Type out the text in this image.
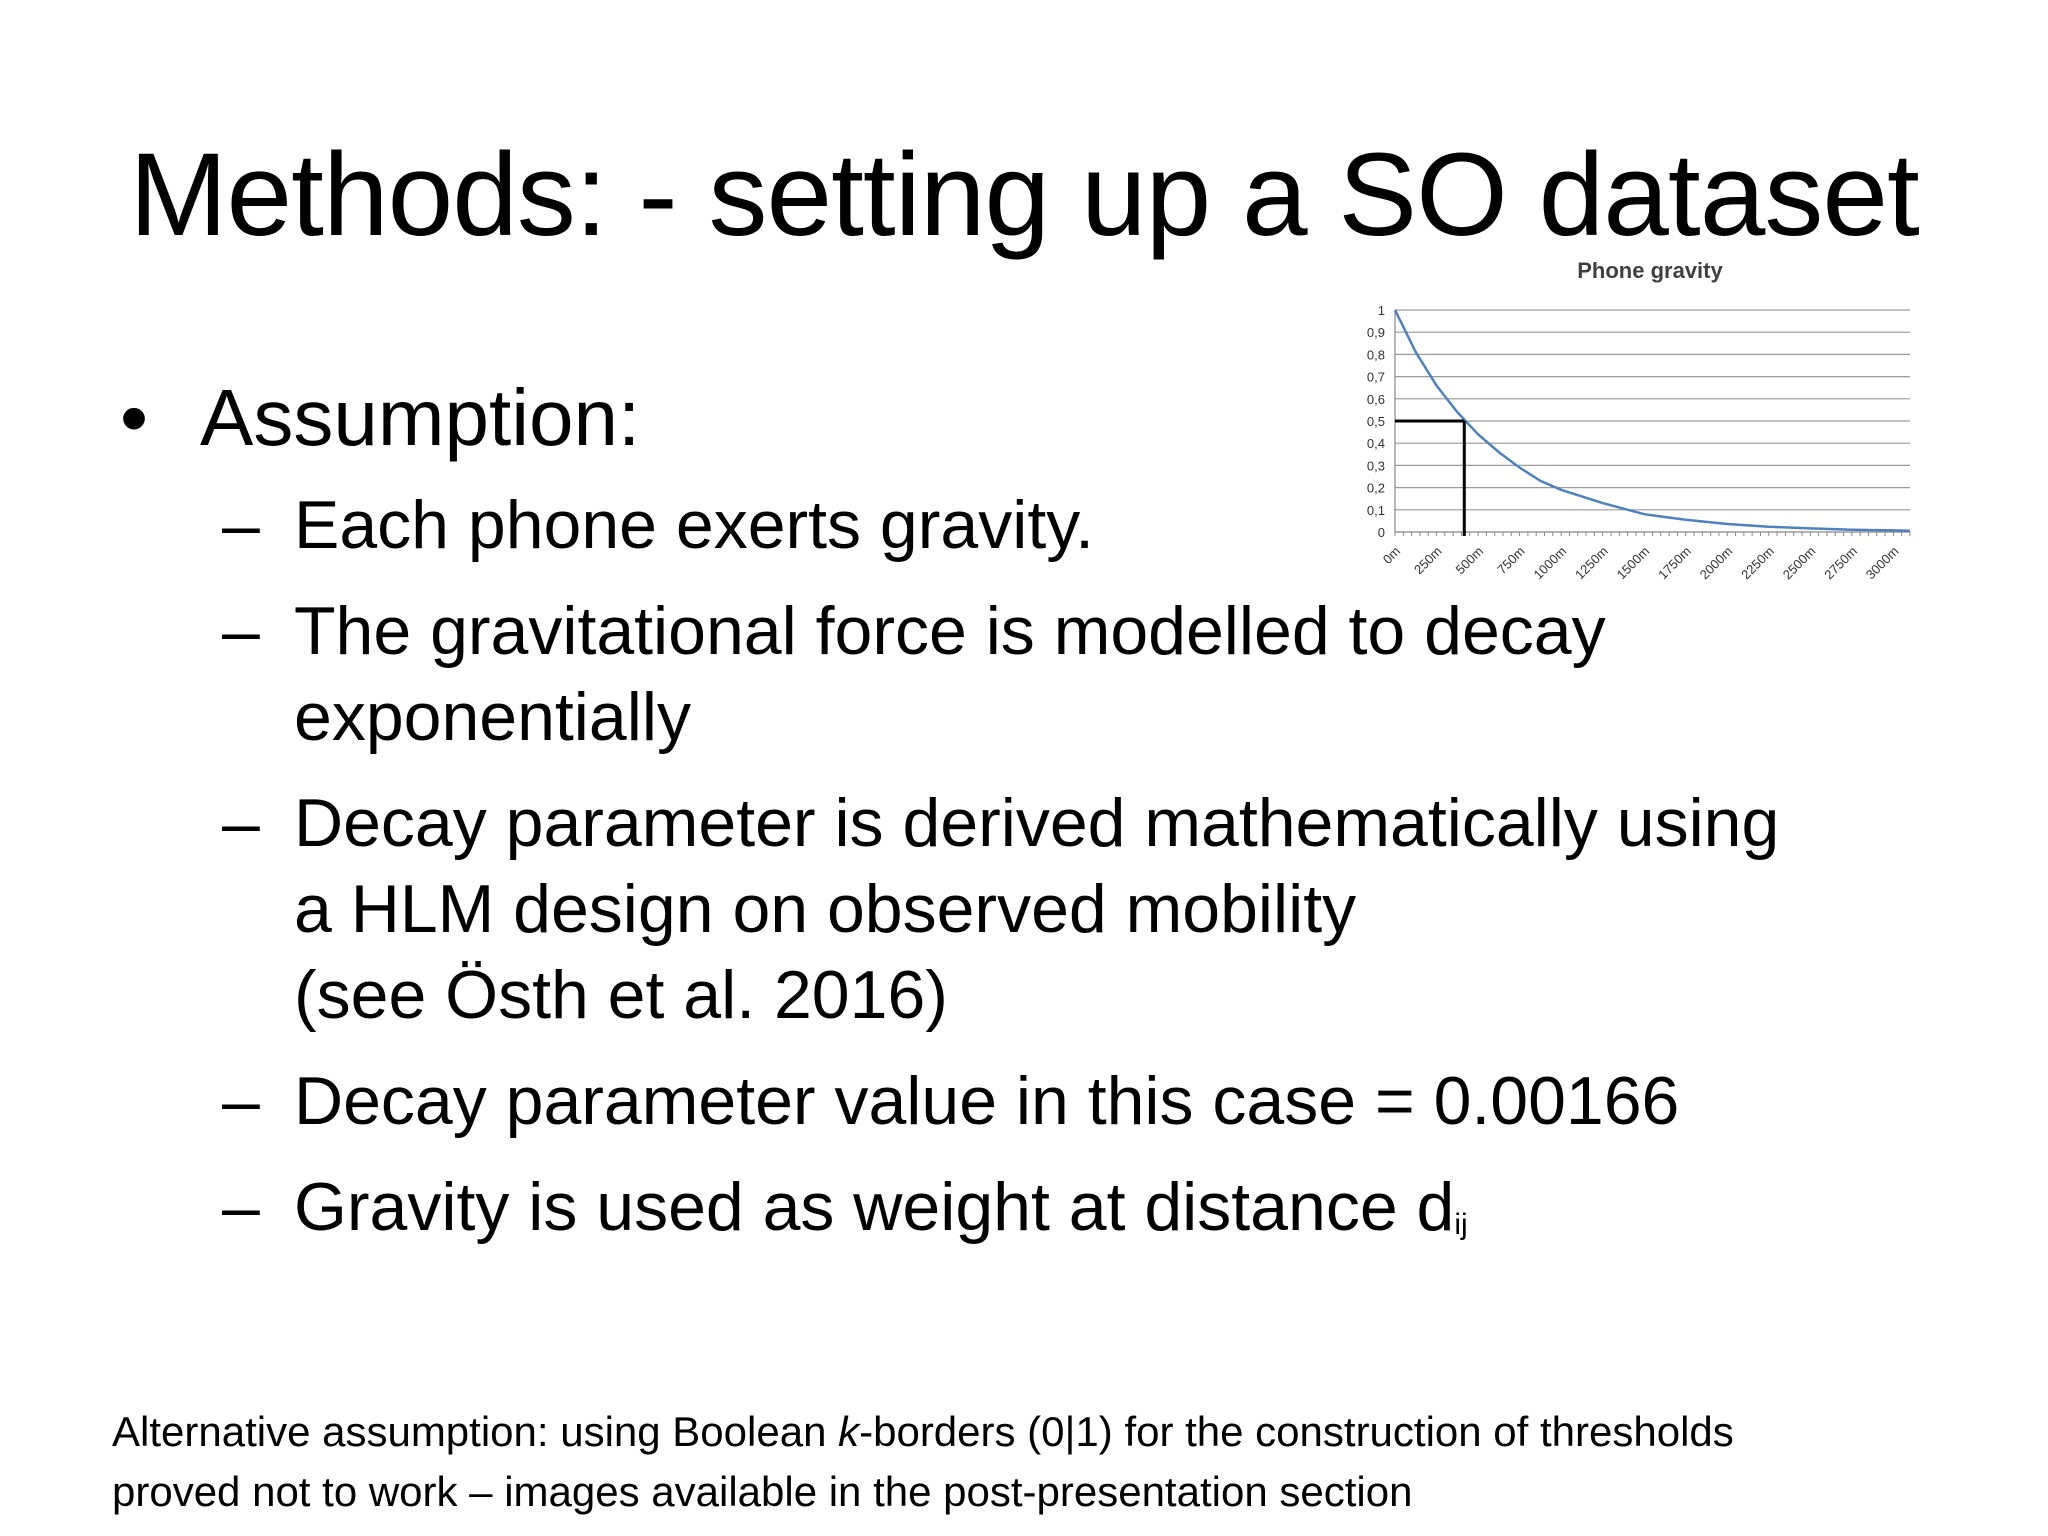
Methods: - setting up a SO dataset
• Assumption:
– Each phone exerts gravity.
– The gravitational force is modelled to decay
exponentially
– Decay parameter is derived mathematically using
a HLM design on observed mobility
(see Östh et al. 2016)
– Decay parameter value in this case = 0.00166
– Gravity is used as weight at distance $d_{ij}$
Phone gravity
0
0,1
0,2
0,3
0,4
0,5
0,6
0,7
0,8
0,9
1
0m 250m 500m 750m 1000m 1250m 1500m 1750m 2000m 2250m 2500m 2750m 3000m
Alternative assumption: using Boolean k-borders (0|1) for the construction of thresholds
proved not to work – images available in the post-presentation section
